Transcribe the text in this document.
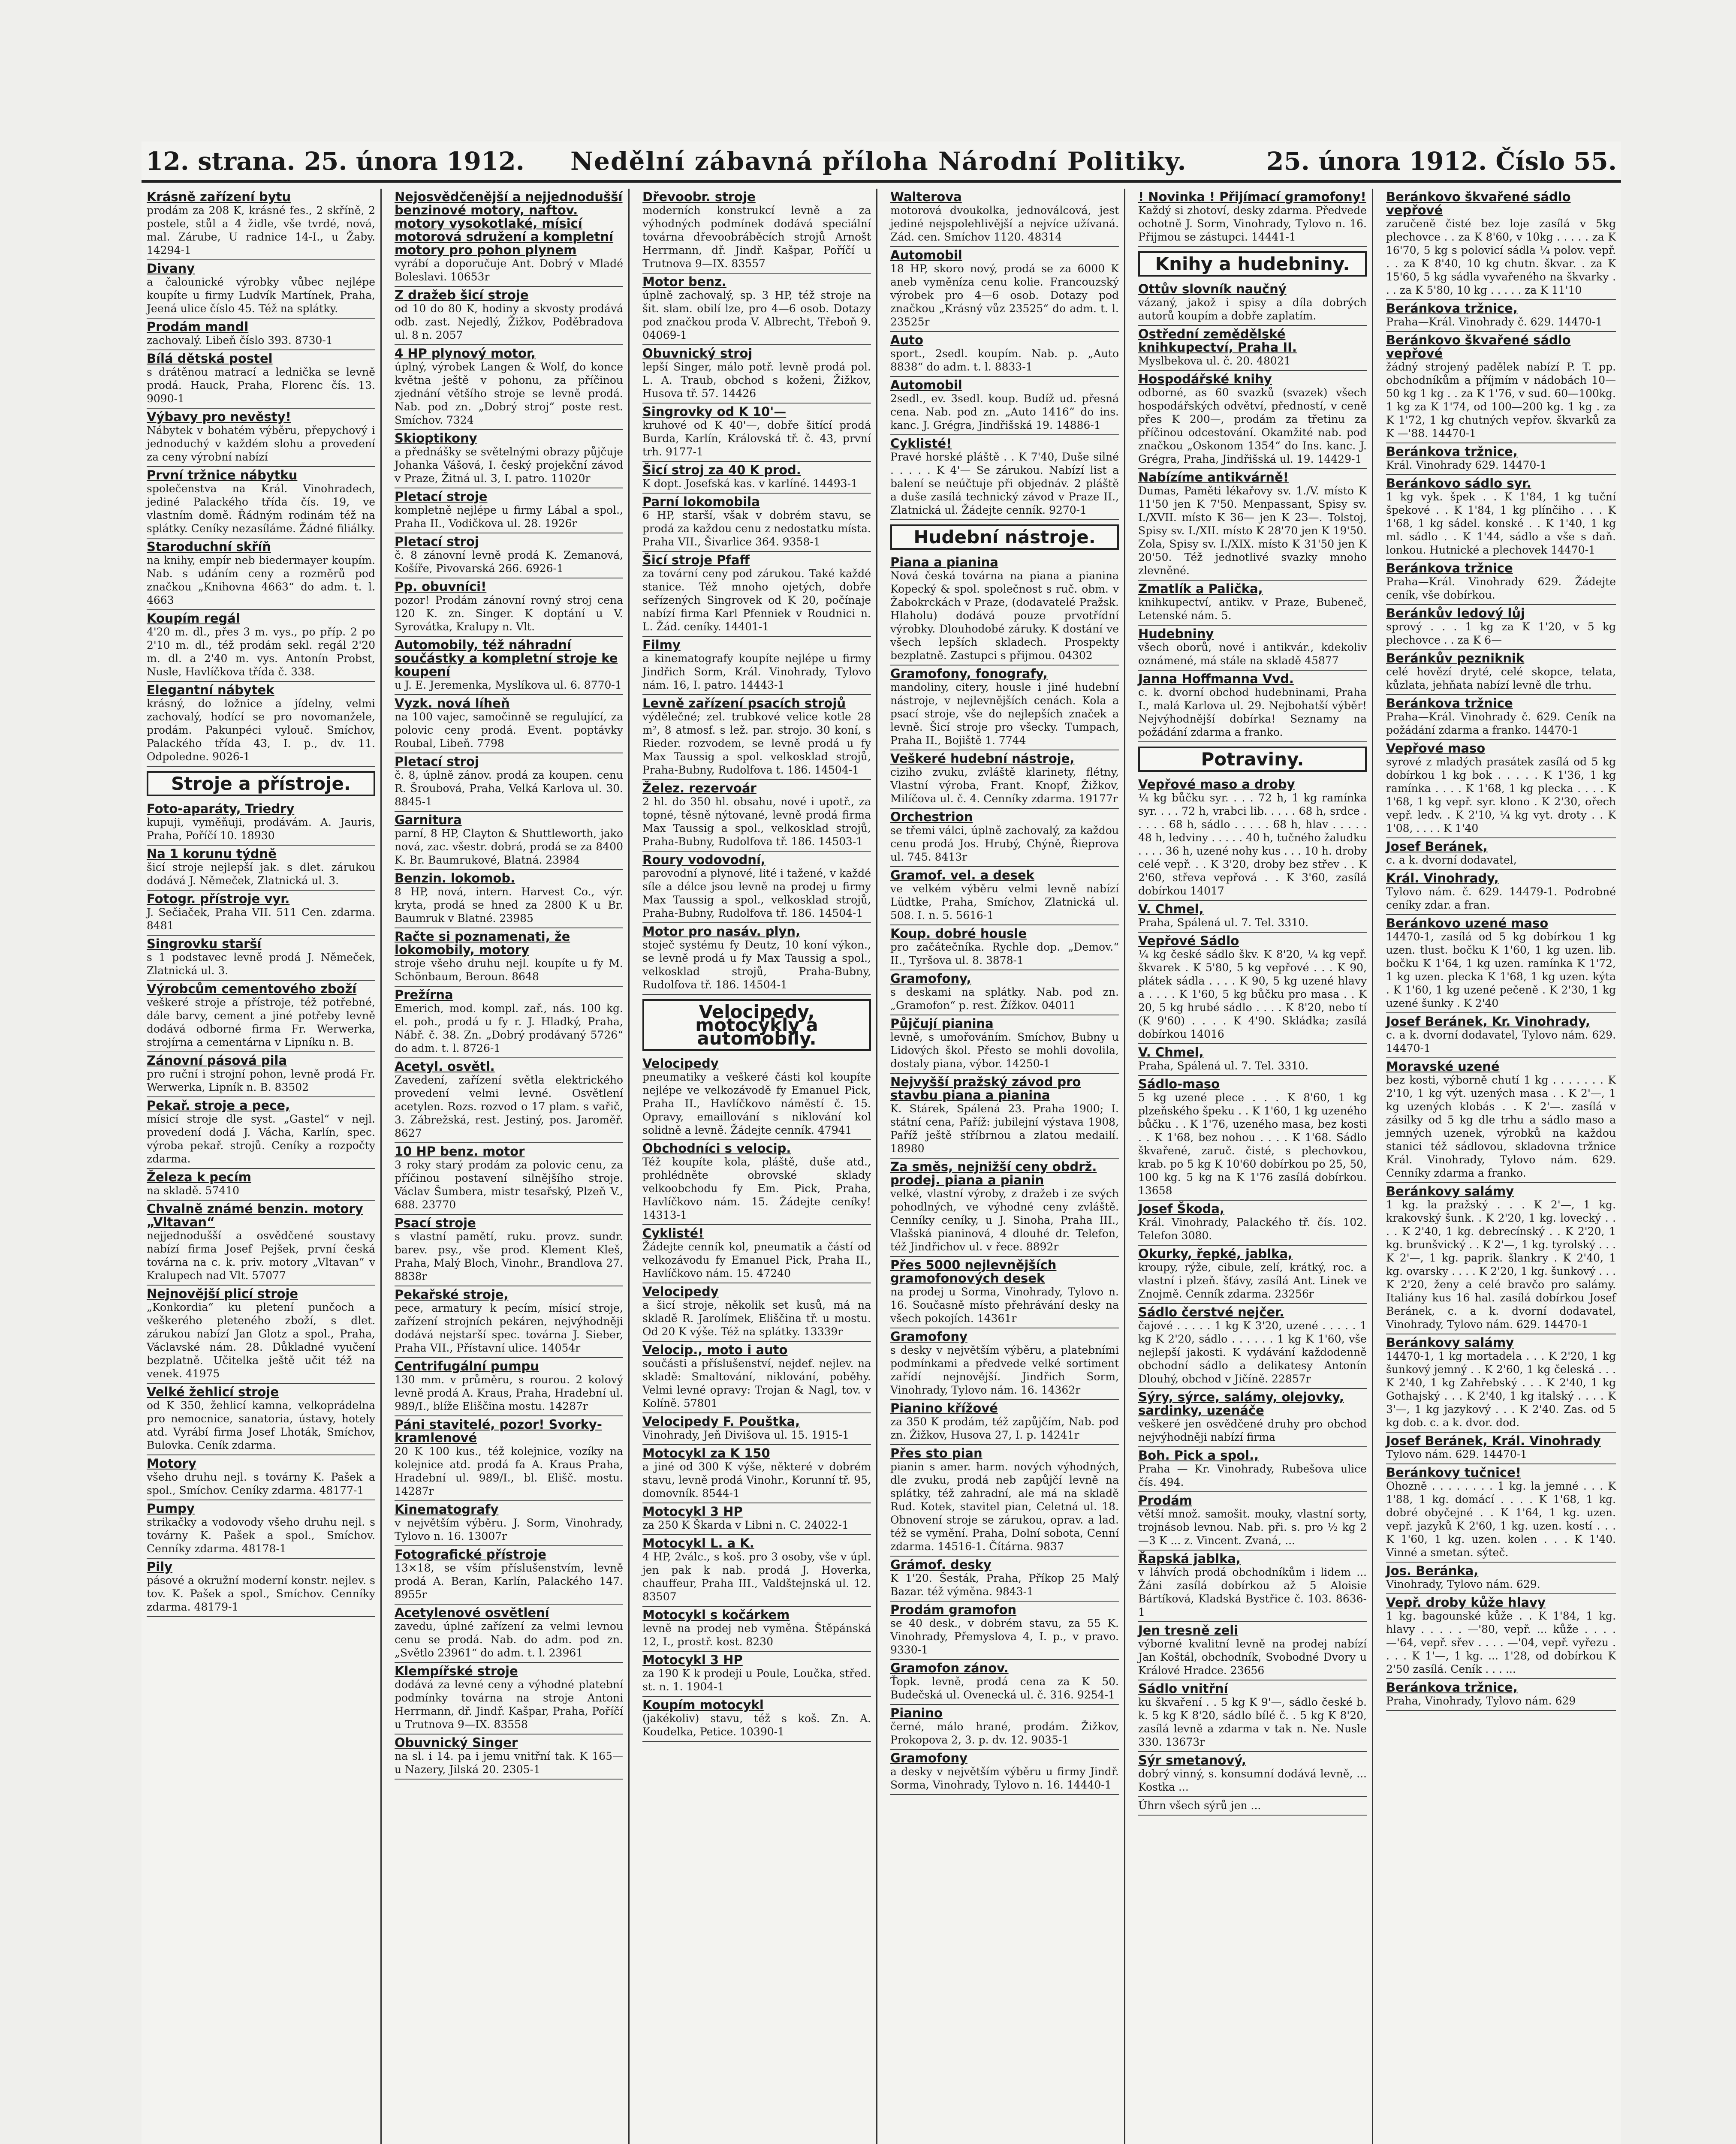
12. strana. 25. února 1912. Nedělní zábavná příloha Národní Politiky.	25. února 1912. Číslo 55.
Krásně zařízení bytu
prodám za 208 K, krásné fes., 2 skříně, 2 postele, stůl a 4 židle, vše tvrdé, nová, mal. Zárube, U radnice 14-I., u Žaby. 14294-1
Divany
a čalounické výrobky vůbec nejlépe koupíte u firmy Ludvík Martínek, Praha, Jeená ulice číslo 45. Též na splátky.
Prodám mandl
zachovalý. Libeň číslo 393. 8730-1
Bílá dětská postel
s drátěnou matrací a lednička se levně prodá. Hauck, Praha, Florenc čís. 13. 9090-1
Výbavy pro nevěsty!
Nábytek v bohatém výběru, přepychový i jednoduchý v každém slohu a provedení za ceny výrobní nabízí
První tržnice nábytku
společenstva na Král. Vinohradech, jediné Palackého třída čís. 19, ve vlastním domě. Řádným rodinám též na splátky. Ceníky nezasíláme. Žádné filiálky.
Staroduchní skříň
na knihy, empír neb biedermayer koupím. Nab. s udáním ceny a rozměrů pod značkou „Knihovna 4663“ do adm. t. l. 4663
Koupím regál
4'20 m. dl., přes 3 m. vys., po příp. 2 po 2'10 m. dl., též prodám sekl. regál 2'20 m. dl. a 2'40 m. vys. Antonín Probst, Nusle, Havlíčkova třída č. 338.
Elegantní nábytek
krásný, do ložnice a jídelny, velmi zachovalý, hodící se pro novomanžele, prodám. Pakunpéci vylouč. Smíchov, Palackého třída 43, I. p., dv. 11. Odpoledne. 9026-1
Stroje a přístroje.
Foto-aparáty, Triedry
kupuji, vyměňuji, prodávám. A. Jauris, Praha, Poříčí 10. 18930
Na 1 korunu týdně
šicí stroje nejlepší jak. s dlet. zárukou dodává J. Němeček, Zlatnická ul. 3.
Fotogr. přístroje vyr.
J. Sečiaček, Praha VII. 511 Cen. zdarma. 8481
Singrovku starší
s 1 podstavec levně prodá J. Němeček, Zlatnická ul. 3.
Výrobcům cementového zboží
veškeré stroje a přístroje, též potřebné, dále barvy, cement a jiné potřeby levně dodává odborné firma Fr. Werwerka, strojírna a cementárna v Lipníku n. B.
Zánovní pásová pila
pro ruční i strojní pohon, levně prodá Fr. Werwerka, Lipník n. B. 83502
Pekař. stroje a pece,
mísicí stroje dle syst. „Gastel“ v nejl. provedení dodá J. Vácha, Karlín, spec. výroba pekař. strojů. Ceníky a rozpočty zdarma.
Železa k pecím
na skladě. 57410
Chvalně známé benzin. motory „Vltavan“
nejjednodušší a osvědčené soustavy nabízí firma Josef Pejšek, první česká továrna na c. k. priv. motory „Vltavan“ v Kralupech nad Vlt. 57077
Nejnovější plicí stroje
„Konkordia“ ku pletení punčoch a veškerého pleteného zboží, s dlet. zárukou nabízí Jan Glotz a spol., Praha, Václavské nám. 28. Důkladné vyučení bezplatně. Učitelka ještě učit též na venek. 41975
Velké žehlicí stroje
od K 350, žehlicí kamna, velkoprádelna pro nemocnice, sanatoria, ústavy, hotely atd. Vyrábí firma Josef Lhoták, Smíchov, Bulovka. Ceník zdarma.
Motory
všeho druhu nejl. s továrny K. Pašek a spol., Smíchov. Ceníky zdarma. 48177-1
Pumpy
strikačky a vodovody všeho druhu nejl. s továrny K. Pašek a spol., Smíchov. Cenníky zdarma. 48178-1
Pily
pásové a okružní moderní konstr. nejlev. s tov. K. Pašek a spol., Smíchov. Cenníky zdarma. 48179-1
Nejosvědčenější a nejjednodušší benzinové motory, naftov. motory vysokotlaké, mísicí motorová sdružení a kompletní motory pro pohon plynem
vyrábí a doporučuje Ant. Dobrý v Mladé Boleslavi. 10653r
Z dražeb šicí stroje
od 10 do 80 K, hodiny a skvosty prodává odb. zast. Nejedlý, Žižkov, Poděbradova ul. 8 n. 2057
4 HP plynový motor,
úplný, výrobek Langen & Wolf, do konce května ještě v pohonu, za příčinou zjednání většího stroje se levně prodá. Nab. pod zn. „Dobrý stroj“ poste rest. Smíchov. 7324
Skioptikony
a přednášky se světelnými obrazy půjčuje Johanka Vášová, I. český projekční závod v Praze, Žitná ul. 3, I. patro. 11020r
Pletací stroje
kompletně nejlépe u firmy Lábal a spol., Praha II., Vodičkova ul. 28. 1926r
Pletací stroj
č. 8 zánovní levně prodá K. Zemanová, Košíře, Pivovarská 266. 6926-1
Pp. obuvníci!
pozor! Prodám zánovní rovný stroj cena 120 K. zn. Singer. K doptání u V. Syrovátka, Kralupy n. Vlt.
Automobily, též náhradní součástky a kompletní stroje ke koupení
u J. E. Jeremenka, Myslíkova ul. 6. 8770-1
Vyzk. nová líheň
na 100 vajec, samočinně se regulující, za polovic ceny prodá. Event. poptávky Roubal, Libeň. 7798
Pletací stroj
č. 8, úplně zánov. prodá za koupen. cenu R. Šroubová, Praha, Velká Karlova ul. 30. 8845-1
Garnitura
parní, 8 HP, Clayton & Shuttleworth, jako nová, zac. všestr. dobrá, prodá se za 8400 K. Br. Baumrukové, Blatná. 23984
Benzin. lokomob.
8 HP, nová, intern. Harvest Co., výr. kryta, prodá se hned za 2800 K u Br. Baumruk v Blatné. 23985
Račte si poznamenati, že lokomobily, motory
stroje všeho druhu nejl. koupíte u fy M. Schönbaum, Beroun. 8648
Prežírna
Emerich, mod. kompl. zař., nás. 100 kg. el. poh., prodá u fy r. J. Hladký, Praha, Nábř. č. 38. Zn. „Dobrý prodávaný 5726“ do adm. t. l. 8726-1
Acetyl. osvětl.
Zavedení, zařízení světla elektrického provedení velmi levné. Osvětlení acetylen. Rozs. rozvod o 17 plam. s vařič, 3. Zábrežská, rest. Jestiný, pos. Jaroměř. 8627
10 HP benz. motor
3 roky starý prodám za polovic cenu, za příčinou postavení silnějšího stroje. Václav Šumbera, mistr tesařský, Plzeň V., 688. 23770
Psací stroje
s vlastní pamětí, ruku. provz. sundr. barev. psy., vše prod. Klement Kleš, Praha, Malý Bloch, Vinohr., Brandlova 27. 8838r
Pekařské stroje,
pece, armatury k pecím, mísicí stroje, zařízení strojních pekáren, nejvýhodněji dodává nejstarší spec. továrna J. Sieber, Praha VII., Přístavní ulice. 14054r
Centrifugální pumpu
130 mm. v průměru, s rourou. 2 kolový levně prodá A. Kraus, Praha, Hradební ul. 989/I., blíže Eliščina mostu. 14287r
Páni stavitelé, pozor! Svorky-kramlenové
20 K 100 kus., též kolejnice, vozíky na kolejnice atd. prodá fa A. Kraus Praha, Hradební ul. 989/I., bl. Elišč. mostu. 14287r
Kinematografy
v největším výběru. J. Sorm, Vinohrady, Tylovo n. 16. 13007r
Fotografické přístroje
13×18, se vším příslušenstvím, levně prodá A. Beran, Karlín, Palackého 147. 8955r
Acetylenové osvětlení
zavedu, úplné zařízení za velmi levnou cenu se prodá. Nab. do adm. pod zn. „Světlo 23961“ do adm. t. l. 23961
Klempířské stroje
dodává za levné ceny a výhodné platební podmínky továrna na stroje Antoni Herrmann, dř. Jindř. Kašpar, Praha, Poříčí u Trutnova 9—IX. 83558
Obuvnický Singer
na sl. i 14. pa i jemu vnitřní tak. K 165— u Nazery, Jilská 20. 2305-1
Dřevoobr. stroje
moderních konstrukcí levně a za výhodných podmínek dodává speciální továrna dřevoobráběcích strojů Arnošt Herrmann, dř. Jindř. Kašpar, Poříčí u Trutnova 9—IX. 83557
Motor benz.
úplně zachovalý, sp. 3 HP, též stroje na šit. slam. obilí lze, pro 4—6 osob. Dotazy pod značkou proda V. Albrecht, Třeboň 9. 04069-1
Obuvnický stroj
lepší Singer, málo potř. levně prodá pol. L. A. Traub, obchod s koženi, Žižkov, Husova tř. 57. 14426
Singrovky od K 10'—
kruhové od K 40'—, dobře šitící prodá Burda, Karlín, Královská tř. č. 43, první trh. 9177-1
Šicí stroj za 40 K prod.
K dopt. Josefská kas. v karlíné. 14493-1
Parní lokomobila
6 HP, starší, však v dobrém stavu, se prodá za každou cenu z nedostatku místa. Praha VII., Šivarlice 364. 9358-1
Šicí stroje Pfaff
za tovární ceny pod zárukou. Také každé stanice. Též mnoho ojetých, dobře seřízených Singrovek od K 20, počínaje nabízí firma Karl Pfenniek v Roudnici n. L. Žád. ceníky. 14401-1
Filmy
a kinematografy koupíte nejlépe u firmy Jindřich Sorm, Král. Vinohrady, Tylovo nám. 16, I. patro. 14443-1
Levně zařízení psacích strojů
výdělečné; zel. trubkové velice kotle 28 m², 8 atmosf. s lež. par. strojo. 30 koní, s Rieder. rozvodem, se levně prodá u fy Max Taussig a spol. velkosklad strojů, Praha-Bubny, Rudolfova t. 186. 14504-1
Želez. rezervoár
2 hl. do 350 hl. obsahu, nové i upotř., za topné, těsně nýtované, levně prodá firma Max Taussig a spol., velkosklad strojů, Praha-Bubny, Rudolfova tř. 186. 14503-1
Roury vodovodní,
parovodní a plynové, lité i tažené, v každé síle a délce jsou levně na prodej u firmy Max Taussig a spol., velkosklad strojů, Praha-Bubny, Rudolfova tř. 186. 14504-1
Motor pro nasáv. plyn,
stoječ systému fy Deutz, 10 koní výkon., se levně prodá u fy Max Taussig a spol., velkosklad strojů, Praha-Bubny, Rudolfova tř. 186. 14504-1
Velocipedy, motocykly a automobily.
Velocipedy
pneumatiky a veškeré části kol koupíte nejlépe ve velkozávodě fy Emanuel Pick, Praha II., Havlíčkovo náměstí č. 15. Opravy, emaillování s niklování kol solidně a levně. Žádejte cenník. 47941
Obchodníci s velocip.
Též koupíte kola, pláště, duše atd., prohlédněte obrovské sklady velkoobchodu fy Em. Pick, Praha, Havlíčkovo nám. 15. Žádejte ceníky! 14313-1
Cyklisté!
Žádejte cenník kol, pneumatik a částí od velkozávodu fy Emanuel Pick, Praha II., Havlíčkovo nám. 15. 47240
Velocipedy
a šicí stroje, několik set kusů, má na skladě R. Jarolímek, Eliščina tř. u mostu. Od 20 K výše. Též na splátky. 13339r
Velocip., moto i auto
součásti a příslušenství, nejdef. nejlev. na skladě: Smaltování, niklování, poběhy. Velmi levné opravy: Trojan & Nagl, tov. v Kolíně. 57801
Velocipedy F. Pouštka,
Vinohrady, Jeň Divišova ul. 15. 1915-1
Motocykl za K 150
a jiné od 300 K výše, některé v dobrém stavu, levně prodá Vinohr., Korunní tř. 95, domovník. 8544-1
Motocykl 3 HP
za 250 K Škarda v Libni n. C. 24022-1
Motocykl L. a K.
4 HP, 2válc., s koš. pro 3 osoby, vše v úpl. jen pak k nab. prodá J. Hoverka, chauffeur, Praha III., Valdštejnská ul. 12. 83507
Motocykl s kočárkem
levně na prodej neb vyměna. Štěpánská 12, I., prostř. kost. 8230
Motocykl 3 HP
za 190 K k prodeji u Poule, Loučka, střed. st. n. 1. 1904-1
Koupím motocykl
(jakékoliv) stavu, též s koš. Zn. A. Koudelka, Petice. 10390-1
Walterova
motorová dvoukolka, jednoválcová, jest jediné nejspolehlivější a nejvíce užívaná. Zád. cen. Smíchov 1120. 48314
Automobil
18 HP, skoro nový, prodá se za 6000 K aneb vyměníza cenu kolie. Francouzský výrobek pro 4—6 osob. Dotazy pod značkou „Krásný vůz 23525“ do adm. t. l. 23525r
Auto
sport., 2sedl. koupím. Nab. p. „Auto 8838“ do adm. t. l. 8833-1
Automobil
2sedl., ev. 3sedl. koup. Budíž ud. přesná cena. Nab. pod zn. „Auto 1416“ do ins. kanc. J. Grégra, Jindřišská 19. 14886-1
Cyklisté!
Pravé horské pláště . . K 7'40, Duše silné . . . . . K 4'— Se zárukou. Nabízí list a balení se neúčtuje při objednáv. 2 pláště a duše zasílá technický závod v Praze II., Zlatnická ul. Žádejte cenník. 9270-1
Hudební nástroje.
Piana a pianina
Nová česká továrna na piana a pianina Kopecký & spol. společnost s ruč. obm. v Žabokrckách v Praze, (dodavatelé Pražsk. Hlaholu) dodává pouze prvotřídní výrobky. Dlouhodobé záruky. K dostání ve všech lepších skladech. Prospekty bezplatně. Zastupci s přijmou. 04302
Gramofony, fonografy,
mandoliny, citery, housle i jiné hudební nástroje, v nejlevnějších cenách. Kola a psací stroje, vše do nejlepších značek a levně. Šicí stroje pro všecky. Tumpach, Praha II., Bojiště 1. 7744
Veškeré hudební nástroje,
ciziho zvuku, zvláště klarinety, flétny, Vlastní výroba, Frant. Knopf, Žižkov, Milíčova ul. č. 4. Cenníky zdarma. 19177r
Orchestrion
se třemi válci, úplně zachovalý, za každou cenu prodá Jos. Hrubý, Chýně, Řieprova ul. 745. 8413r
Gramof. vel. a desek
ve velkém výběru velmi levně nabízí Lüdtke, Praha, Smíchov, Zlatnická ul. 508. I. n. 5. 5616-1
Koup. dobré housle
pro začátečníka. Rychle dop. „Demov.“ II., Tyršova ul. 8. 3878-1
Gramofony,
s deskami na splátky. Nab. pod zn. „Gramofon“ p. rest. Žížkov. 04011
Půjčují pianina
levně, s umořováním. Smíchov, Bubny u Lidových škol. Přesto se mohli dovolila, dostaly piana, výbor. 14250-1
Nejvyšší pražský závod pro stavbu piana a pianina
K. Stárek, Spálená 23. Praha 1900; I. státní cena, Paříž: jubilejní výstava 1908, Paříž ještě stříbrnou a zlatou medailí. 18980
Za směs, nejnižší ceny obdrž. prodej. piana a pianin
velké, vlastní výroby, z dražeb i ze svých pohodlných, ve výhodné ceny zvláště. Cenníky ceníky, u J. Sinoha, Praha III., Vlašská pianinová, 4 dlouhé dr. Telefon, též Jindřichov ul. v řece. 8892r
Přes 5000 nejlevnějších gramofonových desek
na prodej u Sorma, Vinohrady, Tylovo n. 16. Současně místo přehrávání desky na všech pokojích. 14361r
Gramofony
s desky v největším výběru, a platebními podmínkami a předvede velké sortiment zařídí nejnovější. Jindřich Sorm, Vinohrady, Tylovo nám. 16. 14362r
Pianino křížové
za 350 K prodám, též zapůjčím, Nab. pod zn. Žižkov, Husova 27, I. p. 14241r
Přes sto pian
pianin s amer. harm. nových výhodných, dle zvuku, prodá neb zapůjčí levně na splátky, též zahradní, ale má na skladě Rud. Kotek, stavitel pian, Celetná ul. 18. Obnovení stroje se zárukou, oprav. a lad. též se vymění. Praha, Dolní sobota, Cenní zdarma. 14516-1. Čítárna. 9837
Grámof. desky
K 1'20. Šesták, Praha, Příkop 25 Malý Bazar. též výměna. 9843-1
Prodám gramofon
se 40 desk., v dobrém stavu, za 55 K. Vinohrady, Přemyslova 4, I. p., v pravo. 9330-1
Gramofon zánov.
Ťopk. levně, prodá cena za K 50. Budečská ul. Ovenecká ul. č. 316. 9254-1
Pianino
černé, málo hrané, prodám. Žižkov, Prokopova 2, 3. p. dv. 12. 9035-1
Gramofony
a desky v největším výběru u firmy Jindř. Sorma, Vinohrady, Tylovo n. 16. 14440-1
! Novinka ! Přijímací gramofony!
Každý si zhotoví, desky zdarma. Předvede ochotně J. Sorm, Vinohrady, Tylovo n. 16. Přijmou se zástupci. 14441-1
Knihy a hudebniny.
Ottův slovník naučný
vázaný, jakož i spisy a díla dobrých autorů koupím a dobře zaplatím.
Ostřední zemědělské knihkupectví, Praha II.
Myslbekova ul. č. 20. 48021
Hospodářské knihy
odborné, as 60 svazků (svazek) všech hospodářských odvětví, předností, v ceně přes K 200—, prodám za třetinu za příčinou odcestování. Okamžité nab. pod značkou „Oskonom 1354“ do Ins. kanc. J. Grégra, Praha, Jindřišská ul. 19. 14429-1
Nabízíme antikvárně!
Dumas, Paměti lékařovy sv. 1./V. místo K 11'50 jen K 7'50. Menpassant, Spisy sv. I./XVII. místo K 36— jen K 23—. Tolstoj, Spisy sv. I./XII. místo K 28'70 jen K 19'50. Zola, Spisy sv. I./XIX. místo K 31'50 jen K 20'50. Též jednotlivé svazky mnoho zlevněné.
Zmatlík a Palička,
knihkupectví, antikv. v Praze, Bubeneč, Letenské nám. 5.
Hudebniny
všech oborů, nové i antikvár., kdekoliv oznámené, má stále na skladě 45877
Janna Hoffmanna Vvd.
c. k. dvorní obchod hudebninami, Praha I., malá Karlova ul. 29. Nejbohatší výběr! Nejvýhodnější dobírka! Seznamy na požádání zdarma a franko.
Potraviny.
Vepřové maso a droby
¼ kg bůčku syr. . . . 72 h, 1 kg ramínka syr. . . . 72 h, vrabci lib. . . . . 68 h, srdce . . . . . 68 h, sádlo . . . . . 68 h, hlav . . . . . 48 h, ledviny . . . . . 40 h, tučného žaludku . . . . 36 h, uzené nohy kus . . . 10 h. droby celé vepř. . . K 3'20, droby bez střev . . K 2'60, střeva vepřová . . K 3'60, zasílá dobírkou 14017
V. Chmel,
Praha, Spálená ul. 7. Tel. 3310.
Vepřové Sádlo
¼ kg české sádlo škv. K 8'20, ¼ kg vepř. škvarek . K 5'80, 5 kg vepřové . . . K 90, plátek sádla . . . . K 90, 5 kg uzené hlavy a . . . . K 1'60, 5 kg bůčku pro masa . . K 20, 5 kg hrubé sádlo . . . . K 8'20, nebo tí (K 9'60) . . . . K 4'90. Skládka; zasílá dobírkou 14016
V. Chmel,
Praha, Spálená ul. 7. Tel. 3310.
Sádlo-maso
5 kg uzené plece . . . K 8'60, 1 kg plzeňského špeku . . K 1'60, 1 kg uzeného bůčku . . K 1'76, uzeného masa, bez kosti . . K 1'68, bez nohou . . . . K 1'68. Sádlo škvařené, zaruč. čisté, s plechovkou, krab. po 5 kg K 10'60 dobírkou po 25, 50, 100 kg. 5 kg na K 1'76 zasílá dobírkou. 13658
Josef Škoda,
Král. Vinohrady, Palackého tř. čís. 102. Telefon 3080.
Okurky, řepké, jablka,
kroupy, rýže, cibule, zelí, krátký, roc. a vlastní i plzeň. šťávy, zasílá Ant. Linek ve Znojmě. Cenník zdarma. 23256r
Sádlo čerstvé nejčer.
čajové . . . . . 1 kg K 3'20, uzené . . . . . 1 kg K 2'20, sádlo . . . . . . 1 kg K 1'60, vše nejlepší jakosti. K vydávání každodenně obchodní sádlo a delikatesy Antonín Dlouhý, obchod v Jičíně. 22857r
Sýry, sýrce, salámy, olejovky, sardinky, uzenáče
veškeré jen osvědčené druhy pro obchod nejvýhodněji nabízí firma
Boh. Pick a spol.,
Praha — Kr. Vinohrady, Rubešova ulice čís. 494.
Prodám
větší množ. samošit. mouky, vlastní sorty, trojnásob levnou. Nab. při. s. pro ½ kg 2—3 K ... z. Vincent. Zvaná, ...
Řapská jablka,
v láhvích prodá obchodníkům i lidem ... Žáni zasílá dobírkou až 5 Aloisie Bártíková, Kladská Bystřice č. 103. 8636-1
Jen tresně zeli
výborné kvalitní levně na prodej nabízí Jan Koštál, obchodník, Svobodné Dvory u Králové Hradce. 23656
Sádlo vnitřní
ku škvaření . . 5 kg K 9'—, sádlo české b. k. 5 kg K 8'20, sádlo bílé č. . 5 kg K 8'20, zasílá levně a zdarma v tak n. Ne. Nusle 330. 13673r
Sýr smetanový,
dobrý vinný, s. konsumní dodává levně, ... Kostka ...
Úhrn všech sýrů jen ...
Beránkovo škvařené sádlo vepřové
zaručeně čisté bez loje zasílá v 5kg plechovce . . za K 8'60, v 10kg . . . . . za K 16'70, 5 kg s polovicí sádla ¼ polov. vepř. . . za K 8'40, 10 kg chutn. škvar. . za K 15'60, 5 kg sádla vyvařeného na škvarky . . . za K 5'80, 10 kg . . . . . za K 11'10
Beránkova tržnice,
Praha—Král. Vinohrady č. 629. 14470-1
Beránkovo škvařené sádlo vepřové
žádný strojený padělek nabízí P. T. pp. obchodníkům a příjmím v nádobách 10—50 kg 1 kg . . za K 1'76, v sud. 60—100kg. 1 kg za K 1'74, od 100—200 kg. 1 kg . za K 1'72, 1 kg chutných vepřov. škvarků za K —'88. 14470-1
Beránkova tržnice,
Král. Vinohrady 629. 14470-1
Beránkovo sádlo syr.
1 kg vyk. špek . . K 1'84, 1 kg tuční špekové . . K 1'84, 1 kg plínčiho . . . K 1'68, 1 kg sádel. konské . . K 1'40, 1 kg ml. sádlo . . K 1'44, sádlo a vše s daň. lonkou. Hutnické a plechovek 14470-1
Beránkova tržnice
Praha—Král. Vinohrady 629. Žádejte ceník, vše dobírkou.
Beránkův ledový lůj
sprový . . . 1 kg za K 1'20, v 5 kg plechovce . . za K 6—
Beránkův pezniknik
celé hovězí dryté, celé skopce, telata, kůzlata, jehňata nabízí levně dle trhu.
Beránkova tržnice
Praha—Král. Vinohrady č. 629. Ceník na požádání zdarma a franko. 14470-1
Vepřové maso
syrové z mladých prasátek zasílá od 5 kg dobírkou 1 kg bok . . . . . K 1'36, 1 kg ramínka . . . . K 1'68, 1 kg plecka . . . . K 1'68, 1 kg vepř. syr. klono . K 2'30, ořech vepř. ledv. . K 2'10, ¼ kg vyt. droty . . K 1'08, . . . . K 1'40
Josef Beránek,
c. a k. dvorní dodavatel,
Král. Vinohrady,
Tylovo nám. č. 629. 14479-1. Podrobné ceníky zdar. a fran.
Beránkovo uzené maso
14470-1, zasílá od 5 kg dobírkou 1 kg uzen. tlust. bočku K 1'60, 1 kg uzen. lib. bočku K 1'64, 1 kg uzen. ramínka K 1'72, 1 kg uzen. plecka K 1'68, 1 kg uzen. kýta . K 1'60, 1 kg uzené pečeně . K 2'30, 1 kg uzené šunky . K 2'40
Josef Beránek, Kr. Vinohrady,
c. a k. dvorní dodavatel, Tylovo nám. 629. 14470-1
Moravské uzené
bez kosti, výborně chutí 1 kg . . . . . . . K 2'10, 1 kg výt. uzených masa . . K 2'—, 1 kg uzených klobás . . K 2'—. zasílá v zásilky od 5 kg dle trhu a sádlo maso a jemných uzenek, výrobků na každou stanici též sádlovou, skladovna tržnice Král. Vinohrady, Tylovo nám. 629. Cenníky zdarma a franko.
Beránkovy salámy
1 kg. la pražský . . . K 2'—, 1 kg. krakovský šunk. . K 2'20, 1 kg. lovecký . . . . K 2'40, 1 kg. debrecínský . . K 2'20, 1 kg. brunšvický . . K 2'—, 1 kg. tyrolský . . . K 2'—, 1 kg. paprik. šlankry . K 2'40, 1 kg. ovarsky . . . . K 2'20, 1 kg. šunkový . . . K 2'20, ženy a celé bravčo pro salámy. Italiány kus 16 hal. zasílá dobírkou Josef Beránek, c. a k. dvorní dodavatel, Vinohrady, Tylovo nám. 629. 14470-1
Beránkovy salámy
14470-1, 1 kg mortadela . . . K 2'20, 1 kg šunkový jemný . . K 2'60, 1 kg čeleská . . . K 2'40, 1 kg Zahřebský . . . K 2'40, 1 kg Gothajský . . . K 2'40, 1 kg italský . . . . K 3'—, 1 kg jazykový . . . K 2'40. Zas. od 5 kg dob. c. a k. dvor. dod.
Josef Beránek, Král. Vinohrady
Tylovo nám. 629. 14470-1
Beránkovy tučnice!
Ohozně . . . . . . . . 1 kg. la jemné . . . K 1'88, 1 kg. domácí . . . . K 1'68, 1 kg. dobré obyčejné . . K 1'64, 1 kg. uzen. vepř. jazyků K 2'60, 1 kg. uzen. kostí . . . K 1'60, 1 kg. uzen. kolen . . . K 1'40. Vinné a smetan. sýteč.
Jos. Beránka,
Vinohrady, Tylovo nám. 629.
Vepř. droby kůže hlavy
1 kg. bagounské kůže . . K 1'84, 1 kg. hlavy . . . . . —'80, vepř. ... kůže . . . . —'64, vepř. sřev . . . . —'04, vepř. vyřezu . . . . K 1'—, 1 kg. ... 1'28, od dobírkou K 2'50 zasílá. Ceník . . . ...
Beránkova tržnice,
Praha, Vinohrady, Tylovo nám. 629
